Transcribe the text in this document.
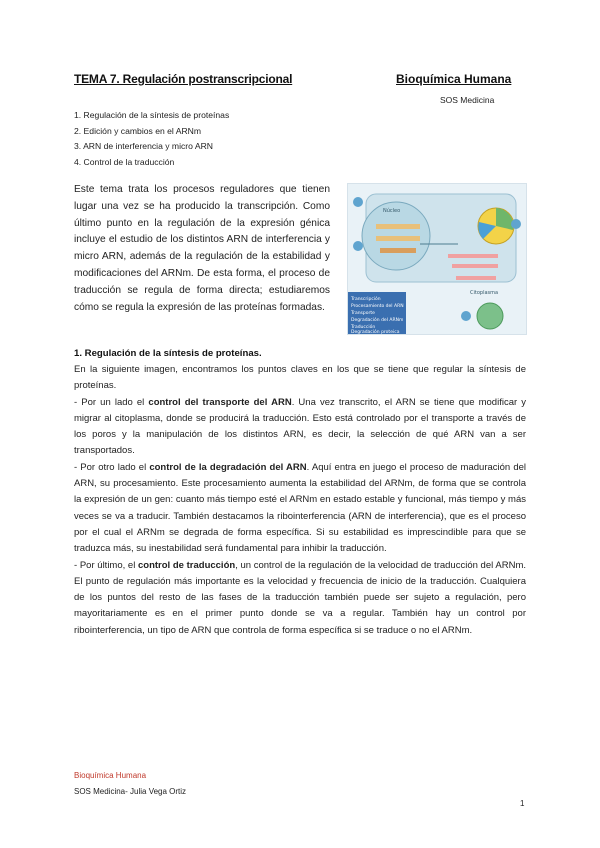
TEMA 7. Regulación postranscripcional	Bioquímica Humana
SOS Medicina
1. Regulación de la síntesis de proteínas
2. Edición y cambios en el ARNm
3. ARN de interferencia y micro ARN
4. Control de la traducción

Este tema trata los procesos reguladores que tienen lugar una vez se ha producido la transcripción. Como último punto en la regulación de la expresión génica incluye el estudio de los distintos ARN de interferencia y micro ARN, además de la regulación de la estabilidad y modificaciones del ARNm. De esta forma, el proceso de traducción se regula de forma directa; estudiaremos cómo se regula la expresión de las proteínas formadas.

Núcleo
Citoplasma
Transcripción
Procesamiento del ARN
Transporte
Degradación del ARNm
Traducción
Degradación proteica
1. Regulación de la síntesis de proteínas.

En la siguiente imagen, encontramos los puntos claves en los que se tiene que regular la síntesis de proteínas.

- Por un lado el control del transporte del ARN. Una vez transcrito, el ARN se tiene que modificar y migrar al citoplasma, donde se producirá la traducción. Esto está controlado por el transporte a través de los poros y la manipulación de los distintos ARN, es decir, la selección de qué ARN van a ser transportados.

- Por otro lado el control de la degradación del ARN. Aquí entra en juego el proceso de maduración del ARN, su procesamiento. Este procesamiento aumenta la estabilidad del ARNm, de forma que se controla la expresión de un gen: cuanto más tiempo esté el ARNm en estado estable y funcional, más tiempo y más veces se va a traducir. También destacamos la ribointerferencia (ARN de interferencia), que es el proceso por el cual el ARNm se degrada de forma específica. Si su estabilidad es imprescindible para que se traduzca más, su inestabilidad será fundamental para inhibir la traducción.

- Por último, el control de traducción, un control de la regulación de la velocidad de traducción del ARNm. El punto de regulación más importante es la velocidad y frecuencia de inicio de la traducción. Cualquiera de los puntos del resto de las fases de la traducción también puede ser sujeto a regulación, pero mayoritariamente es en el primer punto donde se va a regular. También hay un control por ribointerferencia, un tipo de ARN que controla de forma específica si se traduce o no el ARNm.

Bioquímica Humana
SOS Medicina- Julia Vega Ortiz
1
